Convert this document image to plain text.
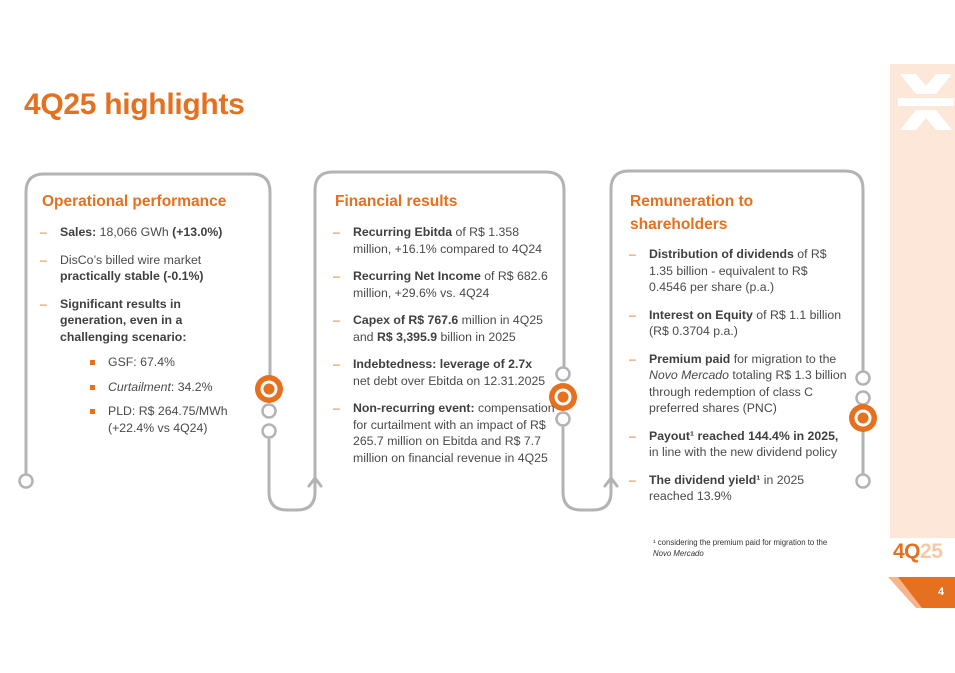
4Q25 highlights
4Q25
4
Operational performance
– Sales: 18,066 GWh (+13.0%)
– DisCo’s billed wire market practically stable (-0.1%)
– Significant results in generation, even in a challenging scenario:
GSF: 67.4%
Curtailment: 34.2%
PLD: R$ 264.75/MWh (+22.4% vs 4Q24)
Financial results
– Recurring Ebitda of R$ 1.358 million, +16.1% compared to 4Q24
– Recurring Net Income of R$ 682.6 million, +29.6% vs. 4Q24
– Capex of R$ 767.6 million in 4Q25 and R$ 3,395.9 billion in 2025
– Indebtedness: leverage of 2.7x net debt over Ebitda on 12.31.2025
– Non-recurring event: compensation for curtailment with an impact of R$ 265.7 million on Ebitda and R$ 7.7 million on financial revenue in 4Q25
Remuneration to shareholders
– Distribution of dividends of R$ 1.35 billion - equivalent to R$ 0.4546 per share (p.a.)
– Interest on Equity of R$ 1.1 billion (R$ 0.3704 p.a.)
– Premium paid for migration to the Novo Mercado totaling R$ 1.3 billion through redemption of class C preferred shares (PNC)
– Payout¹ reached 144.4% in 2025, in line with the new dividend policy
– The dividend yield¹ in 2025 reached 13.9%
¹ considering the premium paid for migration to the Novo Mercado
